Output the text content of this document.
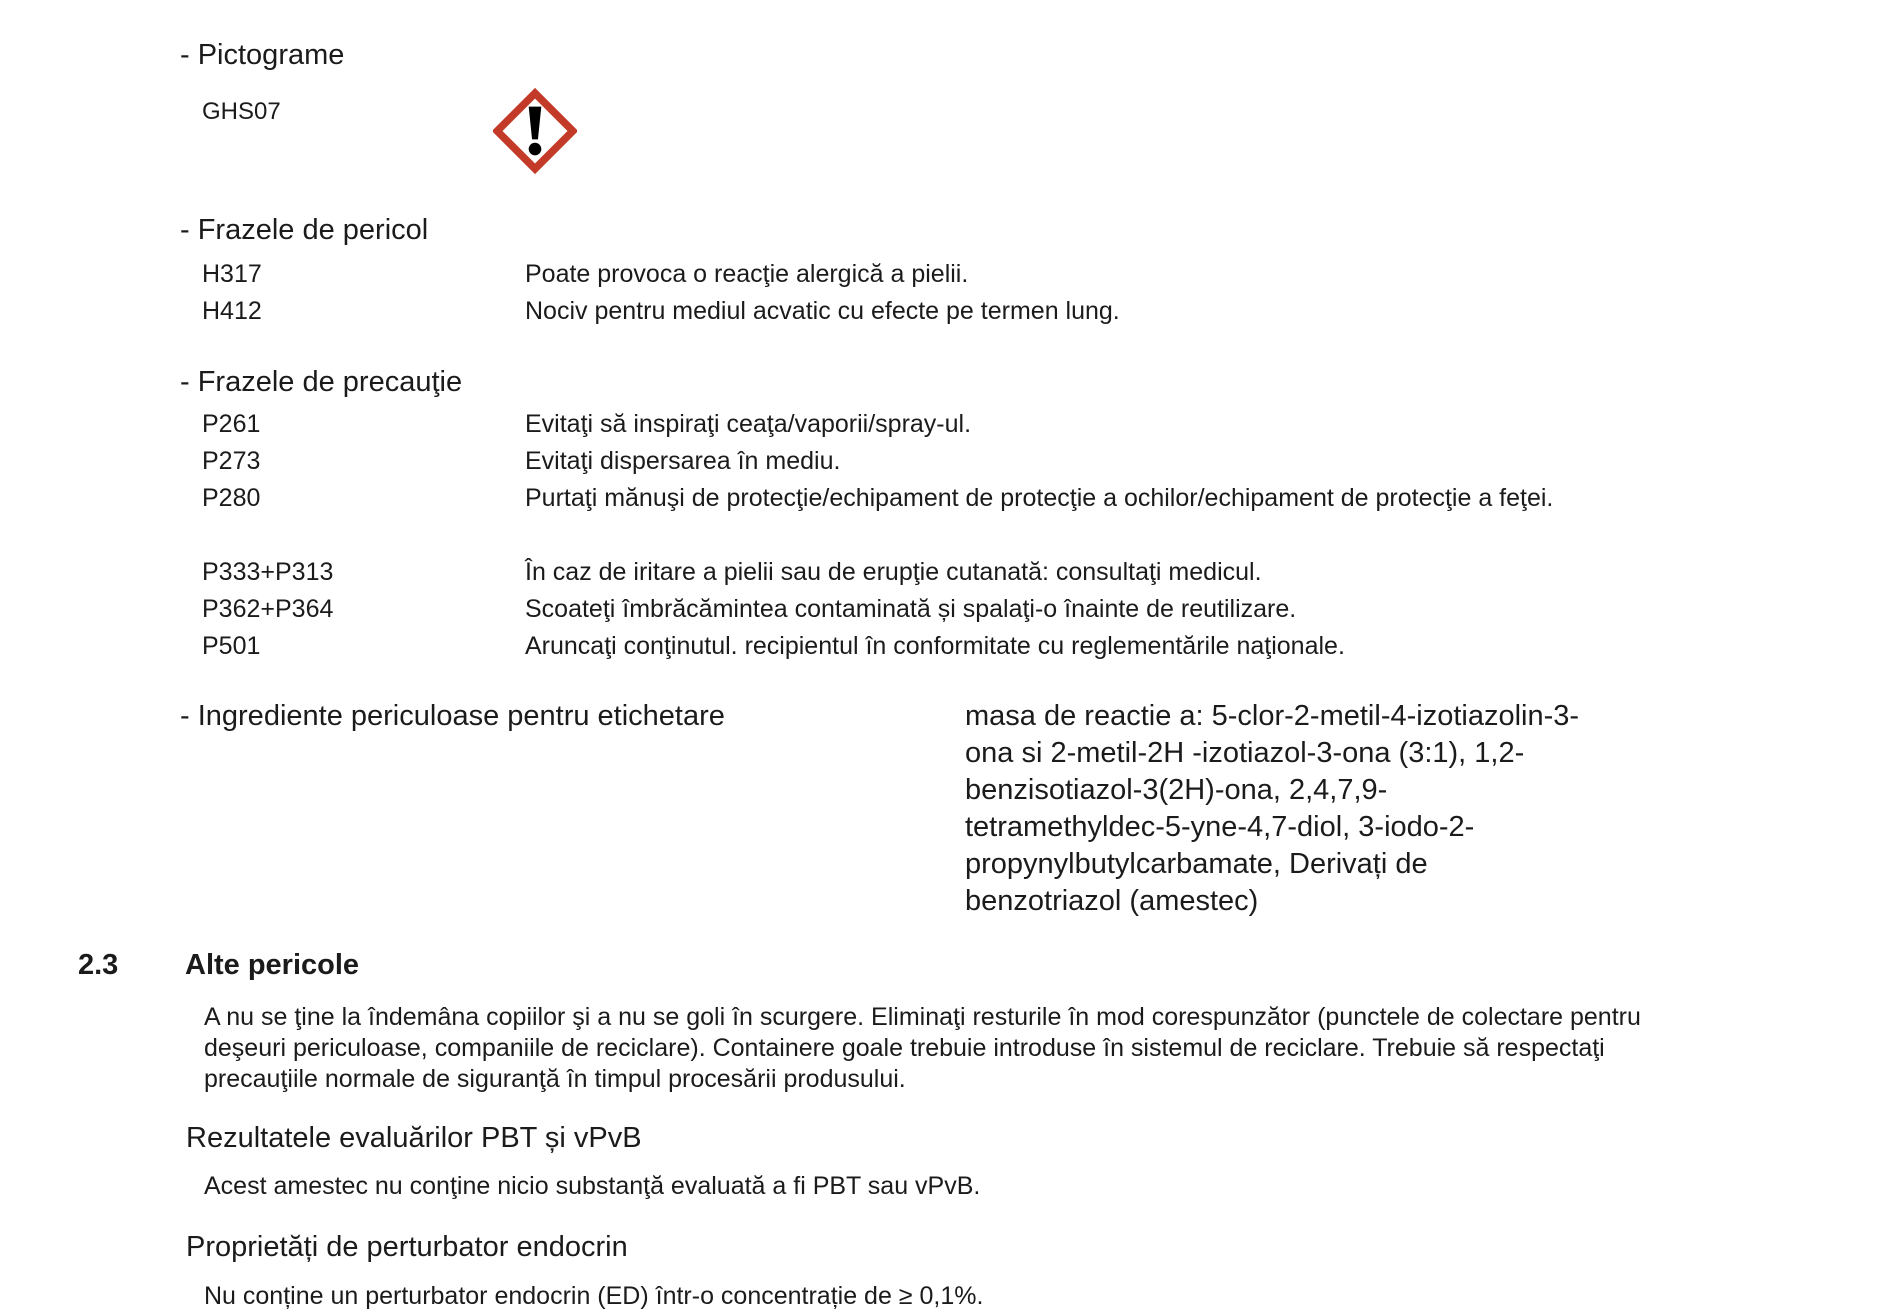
- Pictograme
GHS07
- Frazele de pericol
H317	Poate provoca o reacţie alergică a pielii.
H412	Nociv pentru mediul acvatic cu efecte pe termen lung.
- Frazele de precauţie
P261	Evitaţi să inspiraţi ceaţa/vaporii/spray-ul.
P273	Evitaţi dispersarea în mediu.
P280	Purtaţi mănuşi de protecţie/echipament de protecţie a ochilor/echipament de protecţie a feţei.
P333+P313	În caz de iritare a pielii sau de erupţie cutanată: consultaţi medicul.
P362+P364	Scoateţi îmbrăcămintea contaminată și spalaţi-o înainte de reutilizare.
P501	Aruncaţi conţinutul. recipientul în conformitate cu reglementările naţionale.
- Ingrediente periculoase pentru etichetare	masa de reactie a: 5-clor-2-metil-4-izotiazolin-3-
ona si 2-metil-2H -izotiazol-3-ona (3:1), 1,2-
benzisotiazol-3(2H)-ona, 2,4,7,9-
tetramethyldec-5-yne-4,7-diol, 3-iodo-2-
propynylbutylcarbamate, Derivați de
benzotriazol (amestec)
2.3 Alte pericole
A nu se ţine la îndemâna copiilor şi a nu se goli în scurgere. Eliminaţi resturile în mod corespunzător (punctele de colectare pentru deşeuri periculoase, companiile de reciclare). Containere goale trebuie introduse în sistemul de reciclare. Trebuie să respectaţi precauţiile normale de siguranţă în timpul procesării produsului.
Rezultatele evaluărilor PBT și vPvB
Acest amestec nu conţine nicio substanţă evaluată a fi PBT sau vPvB.
Proprietăți de perturbator endocrin
Nu conține un perturbator endocrin (ED) într-o concentrație de ≥ 0,1%.
